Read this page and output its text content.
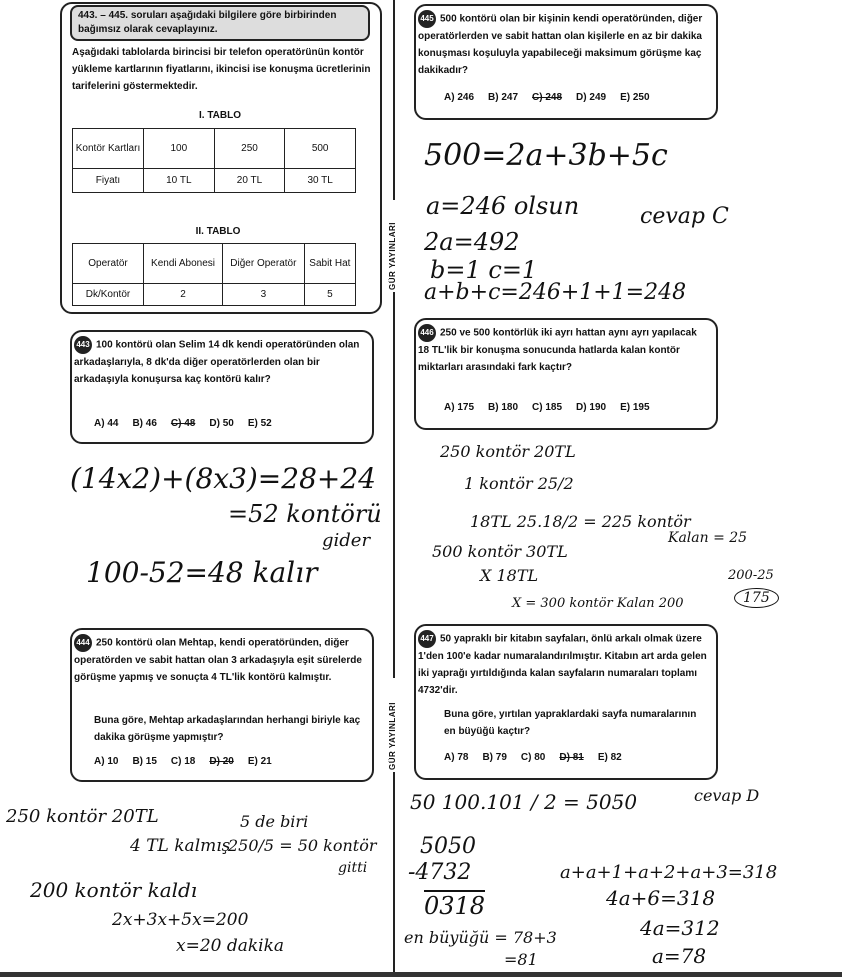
443. – 445. soruları aşağıdaki bilgilere göre birbirinden bağımsız olarak cevaplayınız.
Aşağıdaki tablolarda birincisi bir telefon operatörünün kontör yükleme kartlarının fiyatlarını, ikincisi ise konuşma ücretlerinin tarifelerini göstermektedir.
I. TABLO
Kontör Kartları	100	250	500
Fiyatı	10 TL	20 TL	30 TL
II. TABLO
Operatör	Kendi Abonesi	Diğer Operatör	Sabit Hat
Dk/Kontör	2	3	5
443 100 kontörü olan Selim 14 dk kendi operatöründen olan arkadaşlarıyla, 8 dk'da diğer operatörlerden olan bir arkadaşıyla konuşursa kaç kontörü kalır?
A) 44 B) 46 C) 48 D) 50 E) 52
(14x2)+(8x3)=28+24
=52 kontörü
gider
100-52=48 kalır
444 250 kontörü olan Mehtap, kendi operatöründen, diğer operatörden ve sabit hattan olan 3 arkadaşıyla eşit sürelerde görüşme yapmış ve sonuçta 4 TL'lik kontörü kalmıştır.
Buna göre, Mehtap arkadaşlarından herhangi biriyle kaç dakika görüşme yapmıştır?
A) 10 B) 15 C) 18 D) 20 E) 21
250 kontör 20TL
4 TL kalmış
5 de biri
250/5 = 50 kontör
gitti
200 kontör kaldı
2x+3x+5x=200
x=20 dakika
GÜR YAYINLARI
GÜR YAYINLARI
445 500 kontörü olan bir kişinin kendi operatöründen, diğer operatörlerden ve sabit hattan olan kişilerle en az bir dakika konuşması koşuluyla yapabileceği maksimum görüşme kaç dakikadır?
A) 246 B) 247 C) 248 D) 249 E) 250
500=2a+3b+5c
a=246 olsun	cevap C
2a=492
b=1 c=1
a+b+c=246+1+1=248
446 250 ve 500 kontörlük iki ayrı hattan aynı ayrı yapılacak 18 TL'lik bir konuşma sonucunda hatlarda kalan kontör miktarları arasındaki fark kaçtır?
A) 175 B) 180 C) 185 D) 190 E) 195
250 kontör 20TL
1 kontör 25/2
18TL 25.18/2 = 225 kontör
Kalan = 25
500 kontör 30TL
X 18TL
X = 300 kontör Kalan 200
200-25
175
447 50 yapraklı bir kitabın sayfaları, önlü arkalı olmak üzere 1'den 100'e kadar numaralandırılmıştır. Kitabın art arda gelen iki yaprağı yırtıldığında kalan sayfaların numaraları toplamı 4732'dir.
Buna göre, yırtılan yapraklardaki sayfa numaralarının en büyüğü kaçtır?
A) 78 B) 79 C) 80 D) 81 E) 82
50 100.101 / 2 = 5050	cevap D
5050
-4732
0318
a+a+1+a+2+a+3=318
4a+6=318
4a=312
a=78
en büyüğü = 78+3
=81
